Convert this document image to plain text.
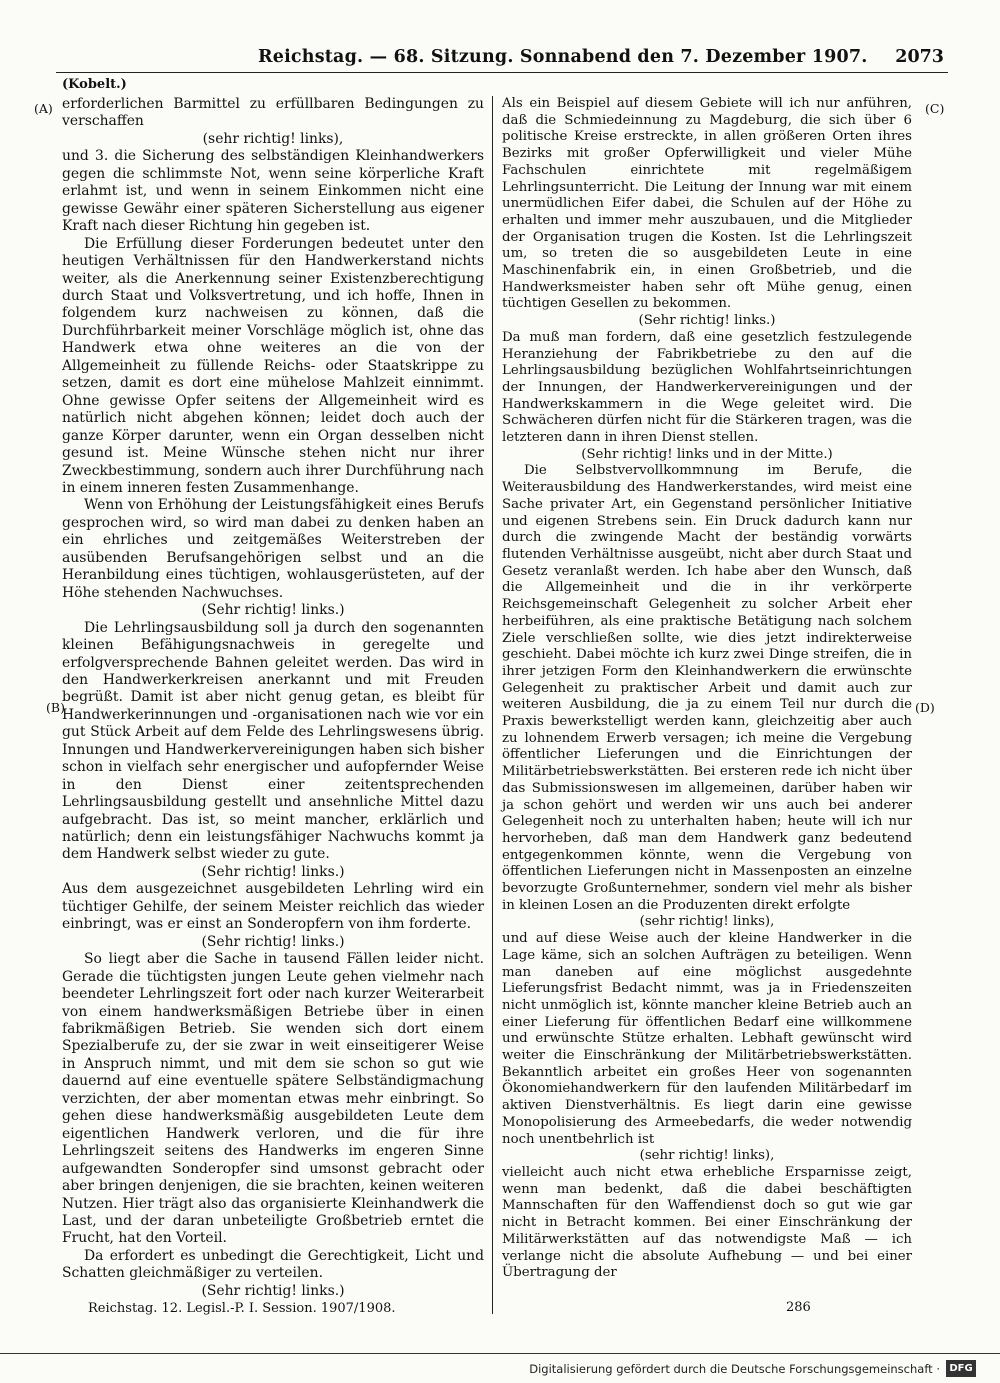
Reichstag. — 68. Sitzung. Sonnabend den 7. Dezember 1907. 2073
(Kobelt.)
(A)
(B)
(C)
(D)

erforderlichen Barmittel zu erfüllbaren Bedingungen zu verschaffen

(sehr richtig! links),

und 3. die Sicherung des selbständigen Kleinhandwerkers gegen die schlimmste Not, wenn seine körperliche Kraft erlahmt ist, und wenn in seinem Einkommen nicht eine gewisse Gewähr einer späteren Sicherstellung aus eigener Kraft nach dieser Richtung hin gegeben ist.

Die Erfüllung dieser Forderungen bedeutet unter den heutigen Verhältnissen für den Handwerkerstand nichts weiter, als die Anerkennung seiner Existenzberechtigung durch Staat und Volksvertretung, und ich hoffe, Ihnen in folgendem kurz nachweisen zu können, daß die Durchführbarkeit meiner Vorschläge möglich ist, ohne das Handwerk etwa ohne weiteres an die von der Allgemeinheit zu füllende Reichs- oder Staatskrippe zu setzen, damit es dort eine mühelose Mahlzeit einnimmt. Ohne gewisse Opfer seitens der Allgemeinheit wird es natürlich nicht abgehen können; leidet doch auch der ganze Körper darunter, wenn ein Organ desselben nicht gesund ist. Meine Wünsche stehen nicht nur ihrer Zweckbestimmung, sondern auch ihrer Durchführung nach in einem inneren festen Zusammenhange.

Wenn von Erhöhung der Leistungsfähigkeit eines Berufs gesprochen wird, so wird man dabei zu denken haben an ein ehrliches und zeitgemäßes Weiterstreben der ausübenden Berufsangehörigen selbst und an die Heranbildung eines tüchtigen, wohlausgerüsteten, auf der Höhe stehenden Nachwuchses.

(Sehr richtig! links.)

Die Lehrlingsausbildung soll ja durch den sogenannten kleinen Befähigungsnachweis in geregelte und erfolgversprechende Bahnen geleitet werden. Das wird in den Handwerkerkreisen anerkannt und mit Freuden begrüßt. Damit ist aber nicht genug getan, es bleibt für Handwerkerinnungen und -organisationen nach wie vor ein gut Stück Arbeit auf dem Felde des Lehrlingswesens übrig. Innungen und Handwerkervereinigungen haben sich bisher schon in vielfach sehr energischer und aufopfernder Weise in den Dienst einer zeitentsprechenden Lehrlingsausbildung gestellt und ansehnliche Mittel dazu aufgebracht. Das ist, so meint mancher, erklärlich und natürlich; denn ein leistungsfähiger Nachwuchs kommt ja dem Handwerk selbst wieder zu gute.

(Sehr richtig! links.)

Aus dem ausgezeichnet ausgebildeten Lehrling wird ein tüchtiger Gehilfe, der seinem Meister reichlich das wieder einbringt, was er einst an Sonderopfern von ihm forderte.

(Sehr richtig! links.)

So liegt aber die Sache in tausend Fällen leider nicht. Gerade die tüchtigsten jungen Leute gehen vielmehr nach beendeter Lehrlingszeit fort oder nach kurzer Weiterarbeit von einem handwerksmäßigen Betriebe über in einen fabrikmäßigen Betrieb. Sie wenden sich dort einem Spezialberufe zu, der sie zwar in weit einseitigerer Weise in Anspruch nimmt, und mit dem sie schon so gut wie dauernd auf eine eventuelle spätere Selbständigmachung verzichten, der aber momentan etwas mehr einbringt. So gehen diese handwerksmäßig ausgebildeten Leute dem eigentlichen Handwerk verloren, und die für ihre Lehrlingszeit seitens des Handwerks im engeren Sinne aufgewandten Sonderopfer sind umsonst gebracht oder aber bringen denjenigen, die sie brachten, keinen weiteren Nutzen. Hier trägt also das organisierte Kleinhandwerk die Last, und der daran unbeteiligte Großbetrieb erntet die Frucht, hat den Vorteil.

Da erfordert es unbedingt die Gerechtigkeit, Licht und Schatten gleichmäßiger zu verteilen.

(Sehr richtig! links.)

Als ein Beispiel auf diesem Gebiete will ich nur anführen, daß die Schmiedeinnung zu Magdeburg, die sich über 6 politische Kreise erstreckte, in allen größeren Orten ihres Bezirks mit großer Opferwilligkeit und vieler Mühe Fachschulen einrichtete mit regelmäßigem Lehrlingsunterricht. Die Leitung der Innung war mit einem unermüdlichen Eifer dabei, die Schulen auf der Höhe zu erhalten und immer mehr auszubauen, und die Mitglieder der Organisation trugen die Kosten. Ist die Lehrlingszeit um, so treten die so ausgebildeten Leute in eine Maschinenfabrik ein, in einen Großbetrieb, und die Handwerksmeister haben sehr oft Mühe genug, einen tüchtigen Gesellen zu bekommen.

(Sehr richtig! links.)

Da muß man fordern, daß eine gesetzlich festzulegende Heranziehung der Fabrikbetriebe zu den auf die Lehrlingsausbildung bezüglichen Wohlfahrtseinrichtungen der Innungen, der Handwerkervereinigungen und der Handwerkskammern in die Wege geleitet wird. Die Schwächeren dürfen nicht für die Stärkeren tragen, was die letzteren dann in ihren Dienst stellen.

(Sehr richtig! links und in der Mitte.)

Die Selbstvervollkommnung im Berufe, die Weiterausbildung des Handwerkerstandes, wird meist eine Sache privater Art, ein Gegenstand persönlicher Initiative und eigenen Strebens sein. Ein Druck dadurch kann nur durch die zwingende Macht der beständig vorwärts flutenden Verhältnisse ausgeübt, nicht aber durch Staat und Gesetz veranlaßt werden. Ich habe aber den Wunsch, daß die Allgemeinheit und die in ihr verkörperte Reichsgemeinschaft Gelegenheit zu solcher Arbeit eher herbeiführen, als eine praktische Betätigung nach solchem Ziele verschließen sollte, wie dies jetzt indirekterweise geschieht. Dabei möchte ich kurz zwei Dinge streifen, die in ihrer jetzigen Form den Kleinhandwerkern die erwünschte Gelegenheit zu praktischer Arbeit und damit auch zur weiteren Ausbildung, die ja zu einem Teil nur durch die Praxis bewerkstelligt werden kann, gleichzeitig aber auch zu lohnendem Erwerb versagen; ich meine die Vergebung öffentlicher Lieferungen und die Einrichtungen der Militärbetriebswerkstätten. Bei ersteren rede ich nicht über das Submissionswesen im allgemeinen, darüber haben wir ja schon gehört und werden wir uns auch bei anderer Gelegenheit noch zu unterhalten haben; heute will ich nur hervorheben, daß man dem Handwerk ganz bedeutend entgegenkommen könnte, wenn die Vergebung von öffentlichen Lieferungen nicht in Massenposten an einzelne bevorzugte Großunternehmer, sondern viel mehr als bisher in kleinen Losen an die Produzenten direkt erfolgte

(sehr richtig! links),

und auf diese Weise auch der kleine Handwerker in die Lage käme, sich an solchen Aufträgen zu beteiligen. Wenn man daneben auf eine möglichst ausgedehnte Lieferungsfrist Bedacht nimmt, was ja in Friedenszeiten nicht unmöglich ist, könnte mancher kleine Betrieb auch an einer Lieferung für öffentlichen Bedarf eine willkommene und erwünschte Stütze erhalten. Lebhaft gewünscht wird weiter die Einschränkung der Militärbetriebswerkstätten. Bekanntlich arbeitet ein großes Heer von sogenannten Ökonomiehandwerkern für den laufenden Militärbedarf im aktiven Dienstverhältnis. Es liegt darin eine gewisse Monopolisierung des Armeebedarfs, die weder notwendig noch unentbehrlich ist

(sehr richtig! links),

vielleicht auch nicht etwa erhebliche Ersparnisse zeigt, wenn man bedenkt, daß die dabei beschäftigten Mannschaften für den Waffendienst doch so gut wie gar nicht in Betracht kommen. Bei einer Einschränkung der Militärwerkstätten auf das notwendigste Maß — ich verlange nicht die absolute Aufhebung — und bei einer Übertragung der

Reichstag. 12. Legisl.-P. I. Session. 1907/1908.	286
Digitalisierung gefördert durch die Deutsche Forschungsgemeinschaft · DFG
